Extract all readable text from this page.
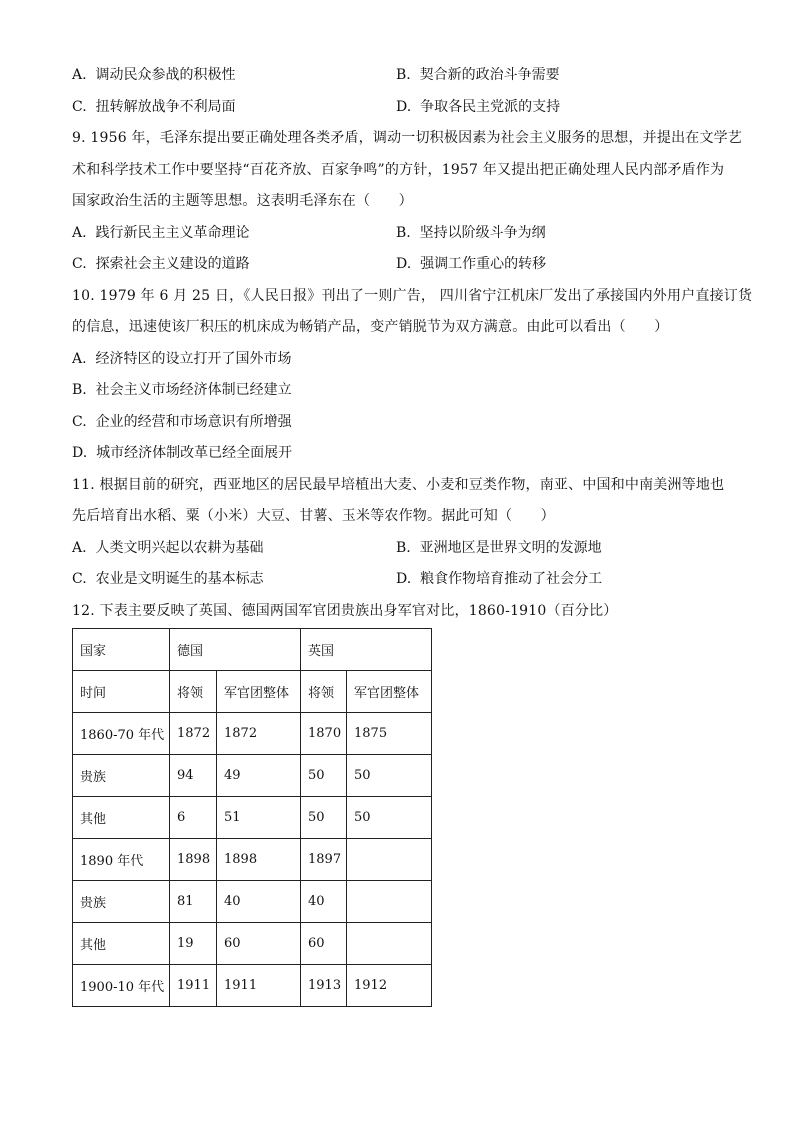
A. 调动民众参战的积极性	B. 契合新的政治斗争需要
C. 扭转解放战争不利局面	D. 争取各民主党派的支持
9. 1956 年，毛泽东提出要正确处理各类矛盾，调动一切积极因素为社会主义服务的思想，并提出在文学艺
术和科学技术工作中要坚持“百花齐放、百家争鸣”的方针，1957 年又提出把正确处理人民内部矛盾作为
国家政治生活的主题等思想。这表明毛泽东在（　　）
A. 践行新民主主义革命理论	B. 坚持以阶级斗争为纲
C. 探索社会主义建设的道路	D. 强调工作重心的转移
10. 1979 年 6 月 25 日，《人民日报》刊出了一则广告， 四川省宁江机床厂发出了承接国内外用户直接订货
的信息，迅速使该厂积压的机床成为畅销产品，变产销脱节为双方满意。由此可以看出（　　）
A. 经济特区的设立打开了国外市场
B. 社会主义市场经济体制已经建立
C. 企业的经营和市场意识有所增强
D. 城市经济体制改革已经全面展开
11. 根据目前的研究，西亚地区的居民最早培植出大麦、小麦和豆类作物，南亚、中国和中南美洲等地也
先后培育出水稻、粟（小米）大豆、甘薯、玉米等农作物。据此可知（　　）
A. 人类文明兴起以农耕为基础	B. 亚洲地区是世界文明的发源地
C. 农业是文明诞生的基本标志	D. 粮食作物培育推动了社会分工
12. 下表主要反映了英国、德国两国军官团贵族出身军官对比，1860-1910（百分比）
国家	德国		英国	
时间	将领	军官团整体	将领	军官团整体
1860-70 年代	1872	1872	1870	1875
贵族	94	49	50	50
其他	6	51	50	50
1890 年代	1898	1898	1897	
贵族	81	40	40	
其他	19	60	60	
1900-10 年代	1911	1911	1913	1912
